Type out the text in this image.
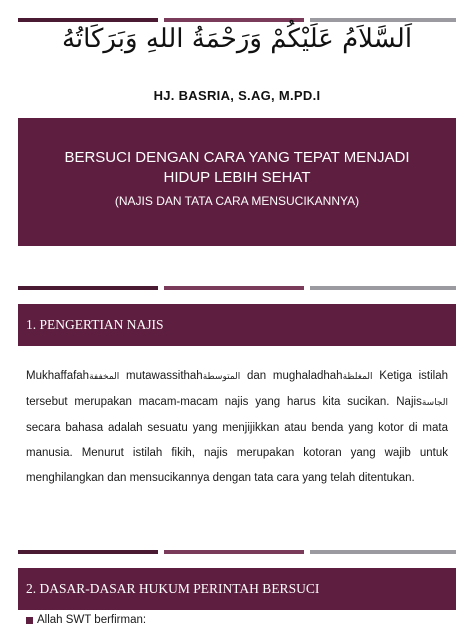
اَلسَّلاَمُ عَلَيْكُمْ وَرَحْمَةُ اللهِ وَبَرَكَاتُهُ
HJ. BASRIA, S.AG, M.PD.I
BERSUCI DENGAN CARA YANG TEPAT MENJADI HIDUP LEBIH SEHAT
(NAJIS DAN TATA CARA MENSUCIKANNYA)
1. PENGERTIAN NAJIS
Mukhaffafahالمخففة mutawassithahالمتوسطة dan mughaladhahالمغلظة Ketiga istilah tersebut merupakan macam-macam najis yang harus kita sucikan. Najisالجاسة secara bahasa adalah sesuatu yang menjijikkan atau benda yang kotor di mata manusia. Menurut istilah fikih, najis merupakan kotoran yang wajib untuk menghilangkan dan mensucikannya dengan tata cara yang telah ditentukan.
2. DASAR-DASAR HUKUM PERINTAH BERSUCI
Allah SWT berfirman:
